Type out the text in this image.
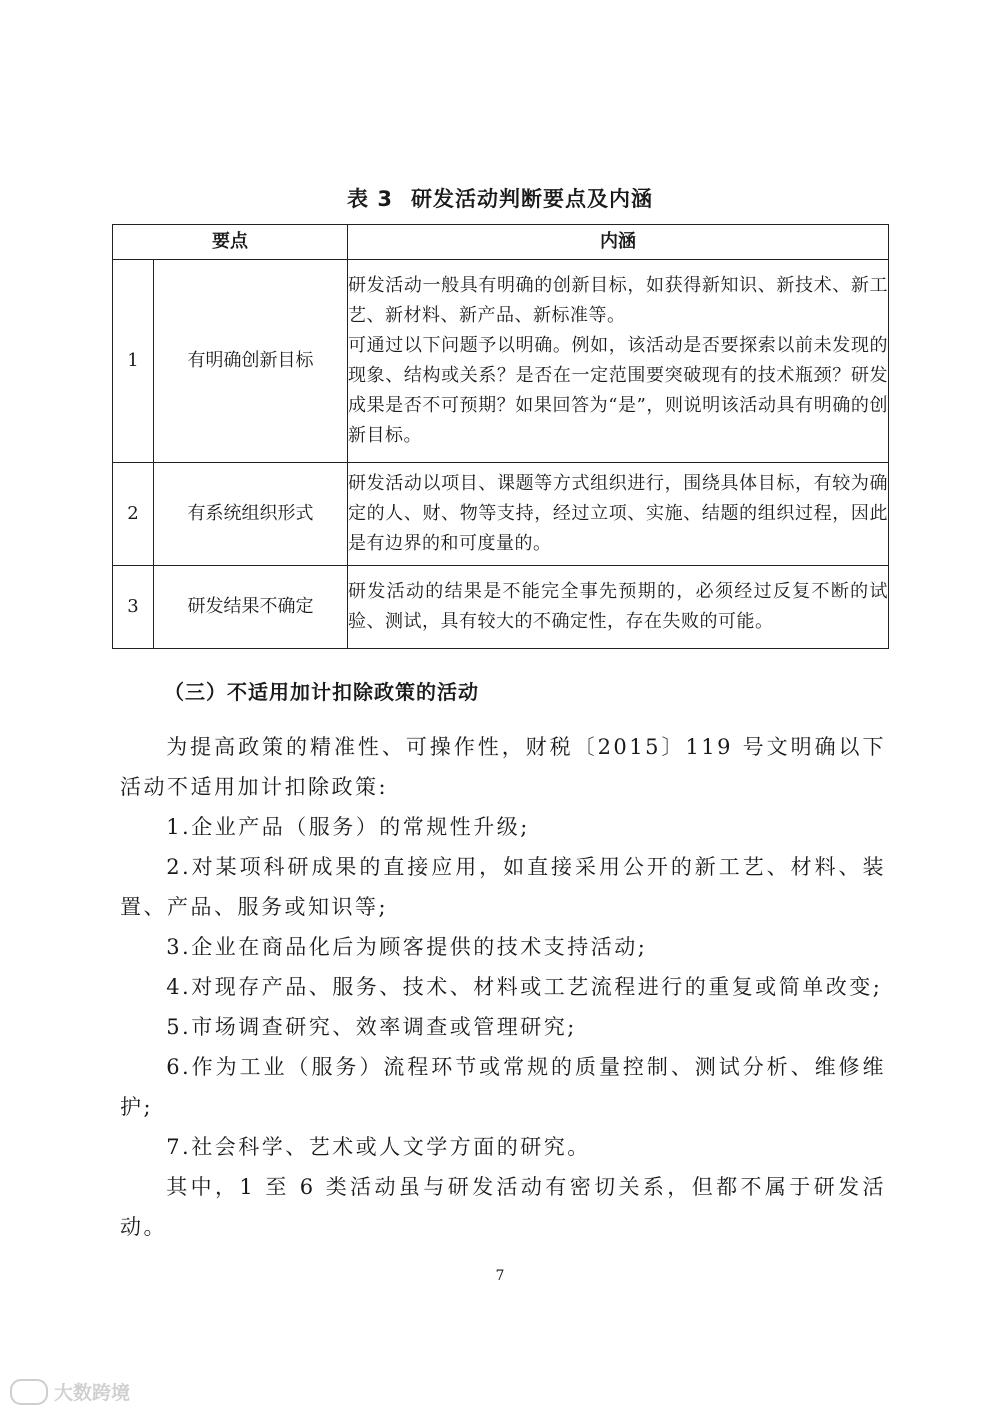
表 3 研发活动判断要点及内涵
要点		内涵
1	有明确创新目标	研发活动一般具有明确的创新目标，如获得新知识、新技术、新工艺、新材料、新产品、新标准等。

可通过以下问题予以明确。例如，该活动是否要探索以前未发现的现象、结构或关系？是否在一定范围要突破现有的技术瓶颈？研发成果是否不可预期？如果回答为“是”，则说明该活动具有明确的创新目标。

2	有系统组织形式	研发活动以项目、课题等方式组织进行，围绕具体目标，有较为确定的人、财、物等支持，经过立项、实施、结题的组织过程，因此是有边界的和可度量的。

3	研发结果不确定	研发活动的结果是不能完全事先预期的，必须经过反复不断的试验、测试，具有较大的不确定性，存在失败的可能。

（三）不适用加计扣除政策的活动

为提高政策的精准性、可操作性，财税〔2015〕119 号文明确以下活动不适用加计扣除政策:

1.企业产品（服务）的常规性升级;

2.对某项科研成果的直接应用，如直接采用公开的新工艺、材料、装置、产品、服务或知识等;

3.企业在商品化后为顾客提供的技术支持活动;

4.对现存产品、服务、技术、材料或工艺流程进行的重复或简单改变;

5.市场调查研究、效率调查或管理研究;

6.作为工业（服务）流程环节或常规的质量控制、测试分析、维修维护;

7.社会科学、艺术或人文学方面的研究。

其中，1 至 6 类活动虽与研发活动有密切关系，但都不属于研发活动。

7
大数跨境
